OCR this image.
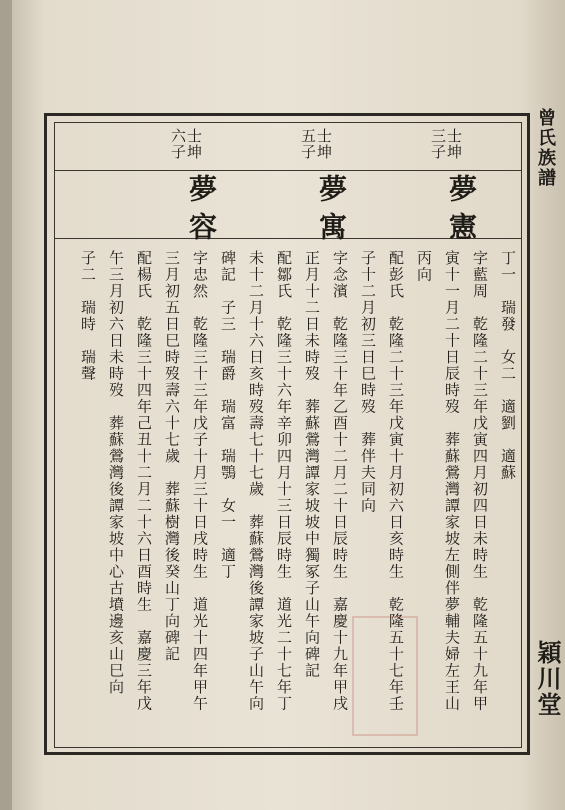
曾氏族譜
穎川堂
士坤
三子
士坤
五子
士坤
六子
夢憲
夢寓
夢容
丁一　瑞發　女二　適劉　適蘇
字藍周　乾隆二十三年戊寅四月初四日未時生　乾隆五十九年甲
寅十一月二十日辰時歿　葬蘇鶯灣譚家坡左側伴夢輔夫婦左王山
丙向
配彭氏　乾隆二十三年戊寅十月初六日亥時生　乾隆五十七年壬
子十二月初三日巳時歿　葬伴夫同向
字念濱　乾隆三十年乙酉十二月二十日辰時生　嘉慶十九年甲戌
正月十二日未時歿　葬蘇鶯灣譚家坡坡中獨冢子山午向碑記
配鄒氏　乾隆三十六年辛卯四月十三日辰時生　道光二十七年丁
未十二月十六日亥時歿壽七十七歲　葬蘇鶯灣後譚家坡子山午向
碑記　子三　瑞爵　瑞富　瑞鶚　女一　適丁
字忠然　乾隆三十三年戊子十月三十日戌時生　道光十四年甲午
三月初五日巳時歿壽六十七歲　葬蘇樹灣後癸山丁向碑記
配楊氏　乾隆三十四年己丑十二月二十六日酉時生　嘉慶三年戊
午三月初六日未時歿　葬蘇鶯灣後譚家坡中心古墳邊亥山巳向
子二　瑞時　瑞聲
